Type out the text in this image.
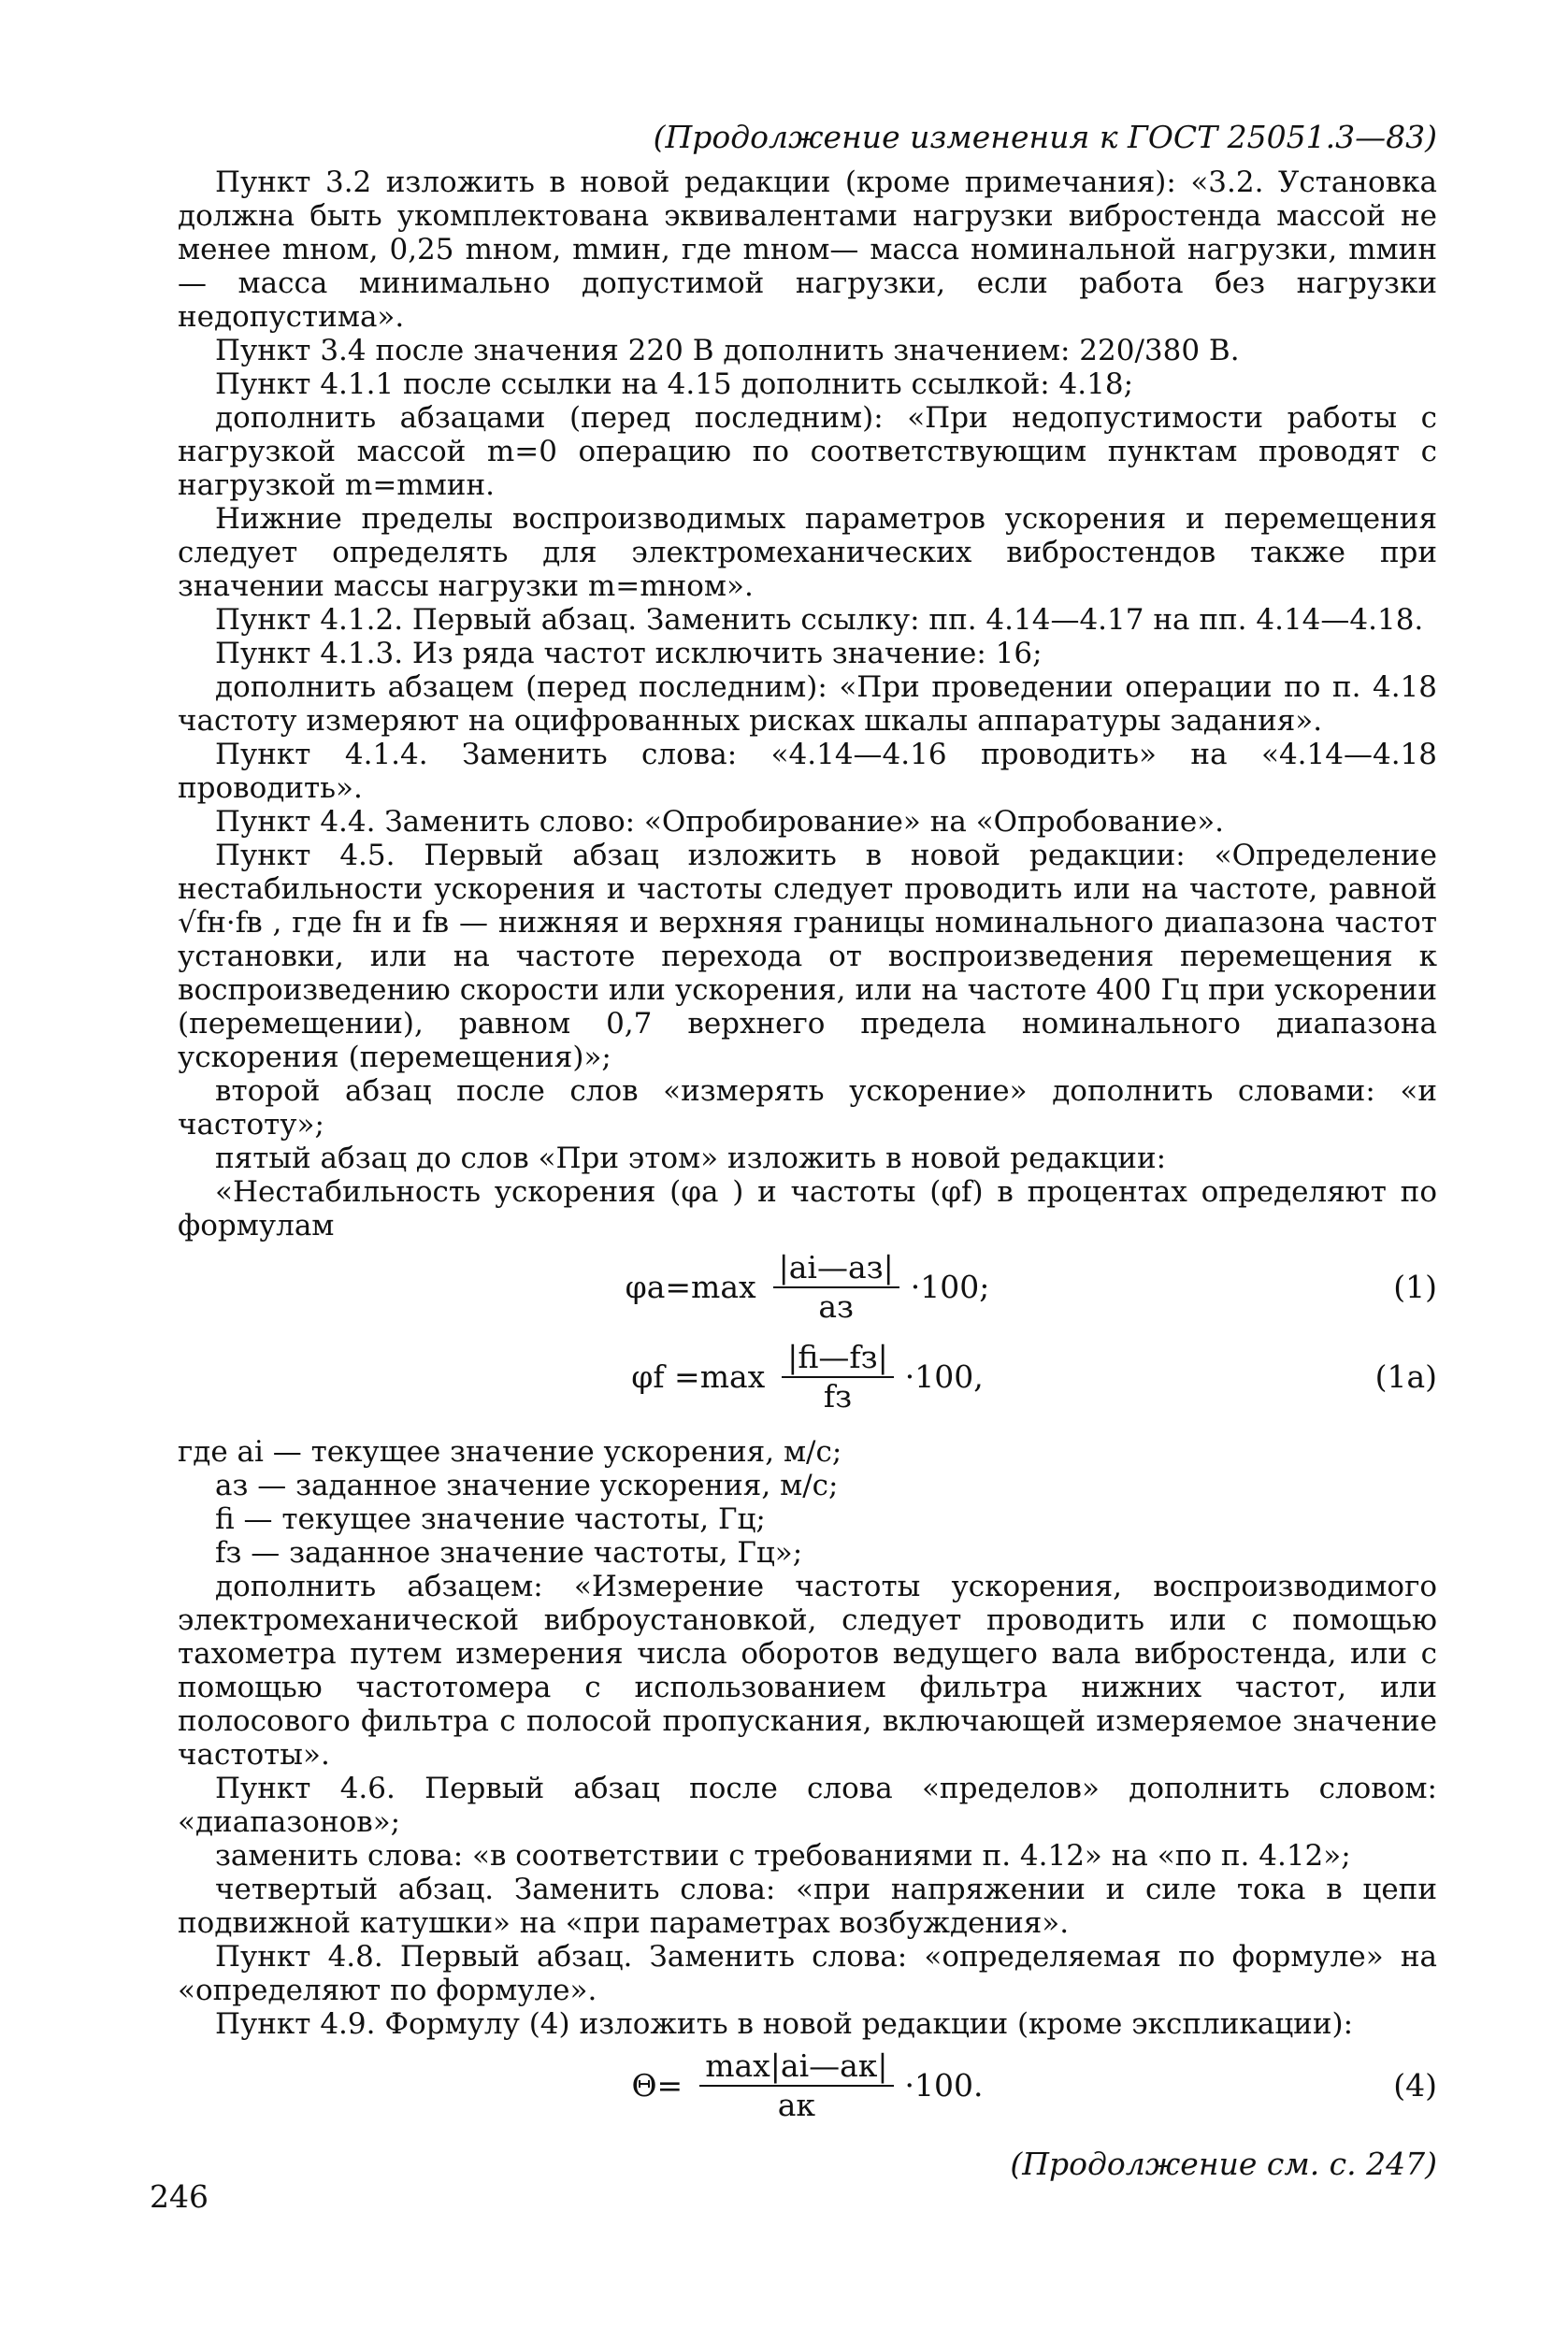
(Продолжение изменения к ГОСТ 25051.3—83)

Пункт 3.2 изложить в новой редакции (кроме примечания): «3.2. Установка должна быть укомплектована эквивалентами нагрузки вибростенда массой не менее mном, 0,25 mном, mмин, где mном— масса номинальной нагрузки, mмин — масса минимально допустимой нагрузки, если работа без нагрузки недопустима».

Пункт 3.4 после значения 220 В дополнить значением: 220/380 В.

Пункт 4.1.1 после ссылки на 4.15 дополнить ссылкой: 4.18;

дополнить абзацами (перед последним): «При недопустимости работы с нагрузкой массой m=0 операцию по соответствующим пунктам проводят с нагрузкой m=mмин.

Нижние пределы воспроизводимых параметров ускорения и перемещения следует определять для электромеханических вибростендов также при значении массы нагрузки m=mном».

Пункт 4.1.2. Первый абзац. Заменить ссылку: пп. 4.14—4.17 на пп. 4.14—4.18.

Пункт 4.1.3. Из ряда частот исключить значение: 16;

дополнить абзацем (перед последним): «При проведении операции по п. 4.18 частоту измеряют на оцифрованных рисках шкалы аппаратуры задания».

Пункт 4.1.4. Заменить слова: «4.14—4.16 проводить» на «4.14—4.18 проводить».

Пункт 4.4. Заменить слово: «Опробирование» на «Опробование».

Пункт 4.5. Первый абзац изложить в новой редакции: «Определение нестабильности ускорения и частоты следует проводить или на частоте, равной √fн·fв , где fн и fв — нижняя и верхняя границы номинального диапазона частот установки, или на частоте перехода от воспроизведения перемещения к воспроизведению скорости или ускорения, или на частоте 400 Гц при ускорении (перемещении), равном 0,7 верхнего предела номинального диапазона ускорения (перемещения)»;

второй абзац после слов «измерять ускорение» дополнить словами: «и частоту»;

пятый абзац до слов «При этом» изложить в новой редакции:

«Нестабильность ускорения (φa ) и частоты (φf) в процентах определяют по формулам

$\varphi a=\max \frac{|ai—aз|}{aз} \cdot 100$;	(1)
$\varphi f =\max \frac{|fi—fз|}{fз} \cdot 100$,	(1a)

где ai — текущее значение ускорения, м/с;

aз — заданное значение ускорения, м/с;

fi — текущее значение частоты, Гц;

fз — заданное значение частоты, Гц»;

дополнить абзацем: «Измерение частоты ускорения, воспроизводимого электромеханической виброустановкой, следует проводить или с помощью тахометра путем измерения числа оборотов ведущего вала вибростенда, или с помощью частотомера с использованием фильтра нижних частот, или полосового фильтра с полосой пропускания, включающей измеряемое значение частоты».

Пункт 4.6. Первый абзац после слова «пределов» дополнить словом: «диапазонов»;

заменить слова: «в соответствии с требованиями п. 4.12» на «по п. 4.12»;

четвертый абзац. Заменить слова: «при напряжении и силе тока в цепи подвижной катушки» на «при параметрах возбуждения».

Пункт 4.8. Первый абзац. Заменить слова: «определяемая по формуле» на «определяют по формуле».

Пункт 4.9. Формулу (4) изложить в новой редакции (кроме экспликации):

$\Theta= \frac{\max|ai—aк|}{aк} \cdot 100$.	(4)
(Продолжение см. с. 247)
246
